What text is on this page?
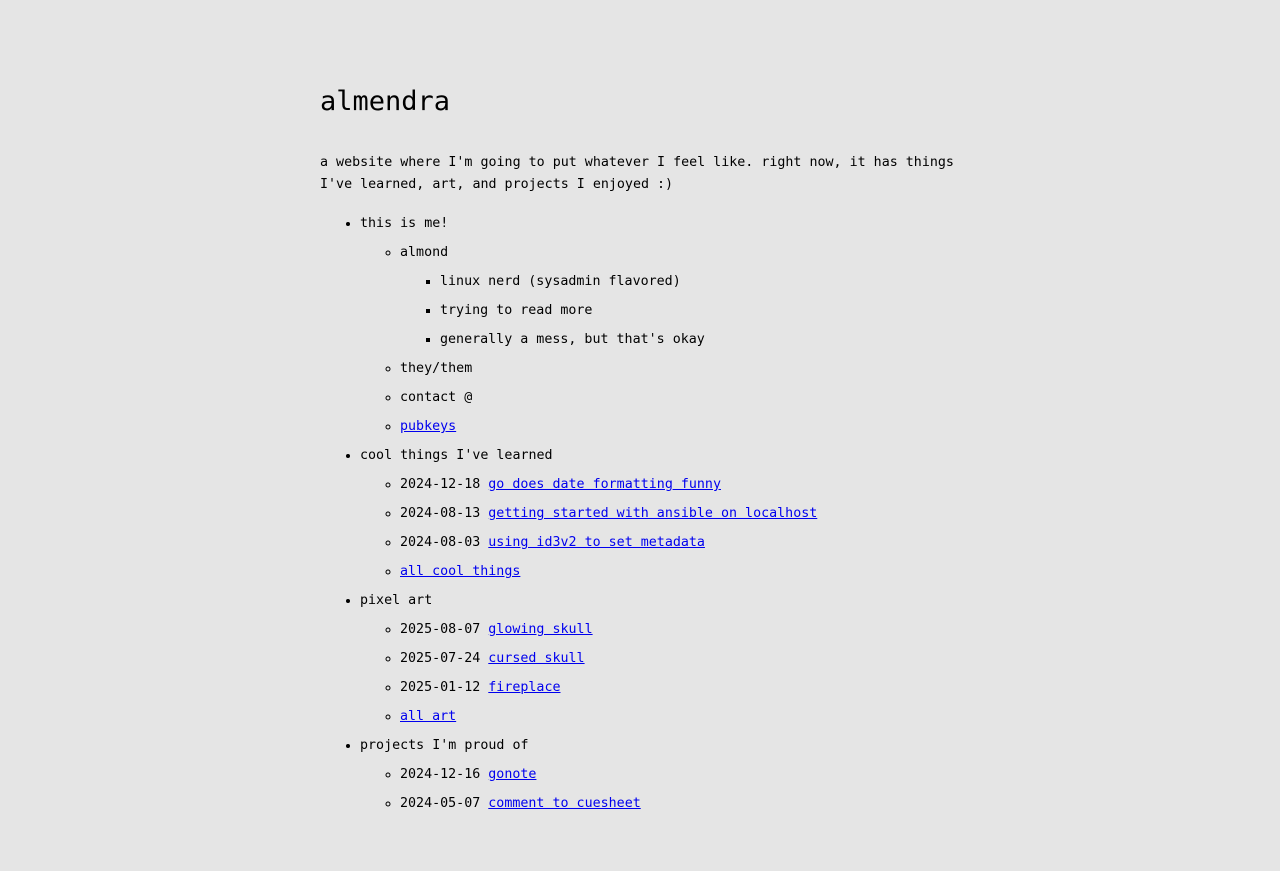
almendra

a website where I'm going to put whatever I feel like. right now, it has things I've learned, art, and projects I enjoyed :)

• this is me!
◦ almond
▪ linux nerd (sysadmin flavored)
▪ trying to read more
▪ generally a mess, but that's okay
◦ they/them
◦ contact @
◦ pubkeys
• cool things I've learned
◦ 2024-12-18 go does date formatting funny
◦ 2024-08-13 getting started with ansible on localhost
◦ 2024-08-03 using id3v2 to set metadata
◦ all cool things
• pixel art
◦ 2025-08-07 glowing skull
◦ 2025-07-24 cursed skull
◦ 2025-01-12 fireplace
◦ all art
• projects I'm proud of
◦ 2024-12-16 gonote
◦ 2024-05-07 comment to cuesheet
